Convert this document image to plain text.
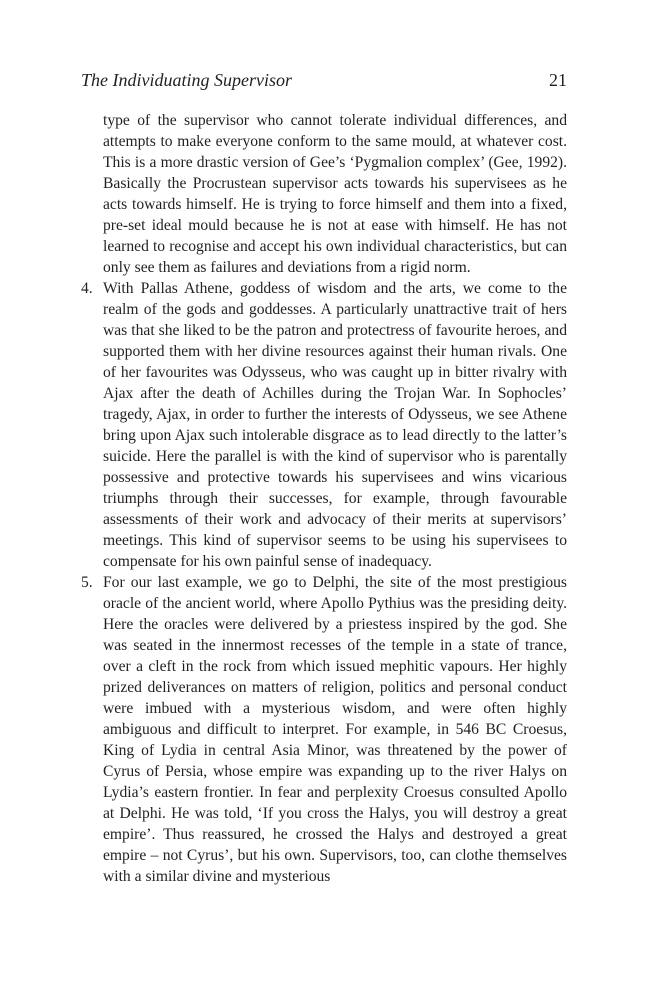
The Individuating Supervisor	21

type of the supervisor who cannot tolerate individual differences, and attempts to make everyone conform to the same mould, at whatever cost. This is a more drastic version of Gee’s ‘Pygmalion complex’ (Gee, 1992). Basically the Procrustean supervisor acts towards his supervisees as he acts towards himself. He is trying to force himself and them into a fixed, pre-set ideal mould because he is not at ease with himself. He has not learned to recognise and accept his own individual characteristics, but can only see them as failures and deviations from a rigid norm.

4. With Pallas Athene, goddess of wisdom and the arts, we come to the realm of the gods and goddesses. A particularly unattractive trait of hers was that she liked to be the patron and protectress of favourite heroes, and supported them with her divine resources against their human rivals. One of her favourites was Odysseus, who was caught up in bitter rivalry with Ajax after the death of Achilles during the Trojan War. In Sophocles’ tragedy, Ajax, in order to further the interests of Odysseus, we see Athene bring upon Ajax such intolerable disgrace as to lead directly to the latter’s suicide. Here the parallel is with the kind of supervisor who is parentally possessive and protective towards his supervisees and wins vicarious triumphs through their successes, for example, through favourable assessments of their work and advocacy of their merits at supervisors’ meetings. This kind of supervisor seems to be using his supervisees to compensate for his own painful sense of inadequacy.
5. For our last example, we go to Delphi, the site of the most prestigious oracle of the ancient world, where Apollo Pythius was the presiding deity. Here the oracles were delivered by a priestess inspired by the god. She was seated in the innermost recesses of the temple in a state of trance, over a cleft in the rock from which issued mephitic vapours. Her highly prized deliverances on matters of religion, politics and personal conduct were imbued with a mysterious wisdom, and were often highly ambiguous and difficult to interpret. For example, in 546 BC Croesus, King of Lydia in central Asia Minor, was threatened by the power of Cyrus of Persia, whose empire was expanding up to the river Halys on Lydia’s eastern frontier. In fear and perplexity Croesus consulted Apollo at Delphi. He was told, ‘If you cross the Halys, you will destroy a great empire’. Thus reassured, he crossed the Halys and destroyed a great empire – not Cyrus’, but his own. Supervisors, too, can clothe themselves with a similar divine and mysterious
